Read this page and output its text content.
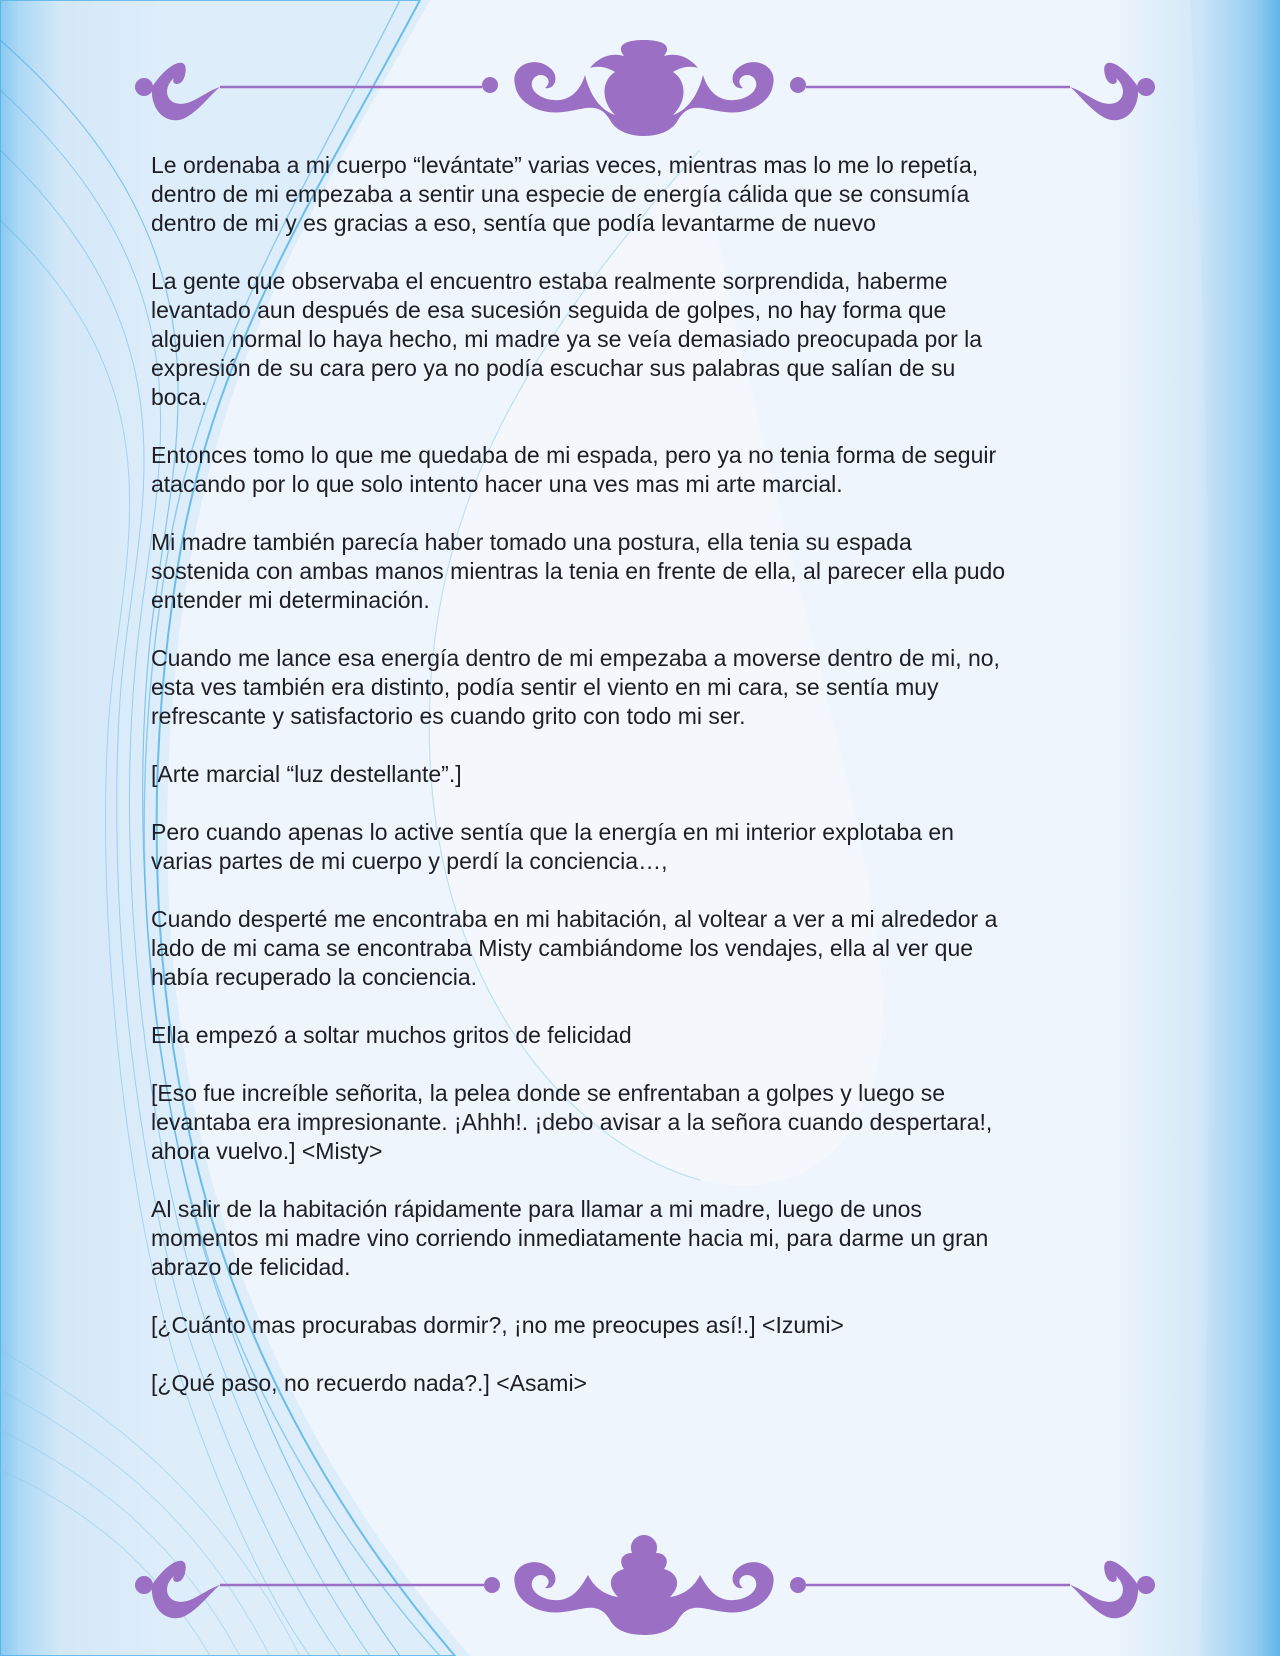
Le ordenaba a mi cuerpo “levántate” varias veces, mientras mas lo me lo repetía,
dentro de mi empezaba a sentir una especie de energía cálida que se consumía
dentro de mi y es gracias a eso, sentía que podía levantarme de nuevo

La gente que observaba el encuentro estaba realmente sorprendida, haberme
levantado aun después de esa sucesión seguida de golpes, no hay forma que
alguien normal lo haya hecho, mi madre ya se veía demasiado preocupada por la
expresión de su cara pero ya no podía escuchar sus palabras que salían de su
boca.

Entonces tomo lo que me quedaba de mi espada, pero ya no tenia forma de seguir
atacando por lo que solo intento hacer una ves mas mi arte marcial.

Mi madre también parecía haber tomado una postura, ella tenia su espada
sostenida con ambas manos mientras la tenia en frente de ella, al parecer ella pudo
entender mi determinación.

Cuando me lance esa energía dentro de mi empezaba a moverse dentro de mi, no,
esta ves también era distinto, podía sentir el viento en mi cara, se sentía muy
refrescante y satisfactorio es cuando grito con todo mi ser.

[Arte marcial “luz destellante”.]

Pero cuando apenas lo active sentía que la energía en mi interior explotaba en
varias partes de mi cuerpo y perdí la conciencia…,

Cuando desperté me encontraba en mi habitación, al voltear a ver a mi alrededor a
lado de mi cama se encontraba Misty cambiándome los vendajes, ella al ver que
había recuperado la conciencia.

Ella empezó a soltar muchos gritos de felicidad

[Eso fue increíble señorita, la pelea donde se enfrentaban a golpes y luego se
levantaba era impresionante. ¡Ahhh!. ¡debo avisar a la señora cuando despertara!,
ahora vuelvo.] <Misty>

Al salir de la habitación rápidamente para llamar a mi madre, luego de unos
momentos mi madre vino corriendo inmediatamente hacia mi, para darme un gran
abrazo de felicidad.

[¿Cuánto mas procurabas dormir?, ¡no me preocupes así!.] <Izumi>

[¿Qué paso, no recuerdo nada?.] <Asami>
